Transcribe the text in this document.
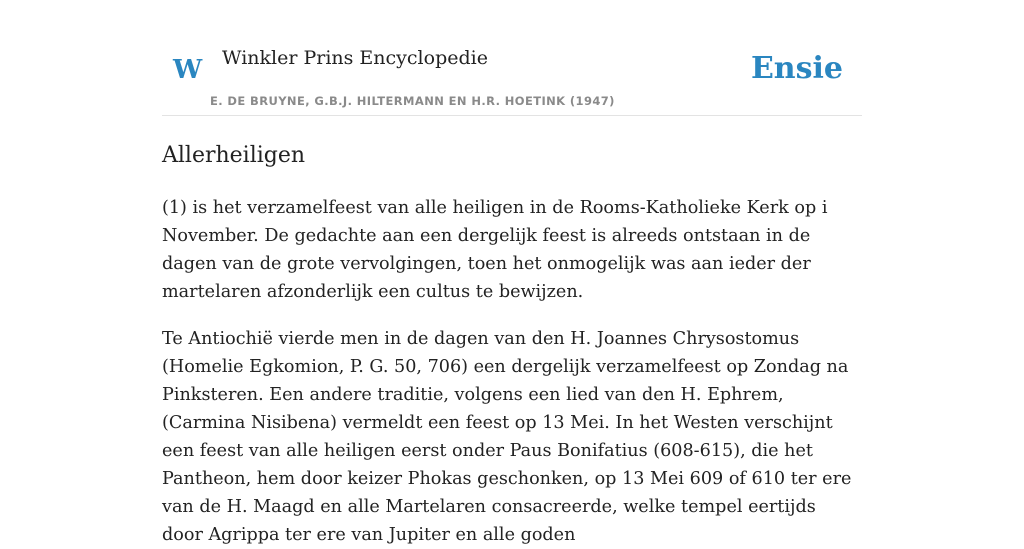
W Winkler Prins Encyclopedie
E. DE BRUYNE, G.B.J. HILTERMANN EN H.R. HOETINK (1947)
Ensie
Allerheiligen

(1) is het verzamelfeest van alle heiligen in de Rooms-Katholieke Kerk op i November. De gedachte aan een dergelijk feest is alreeds ontstaan in de dagen van de grote vervolgingen, toen het onmogelijk was aan ieder der martelaren afzonderlijk een cultus te bewijzen.

Te Antiochië vierde men in de dagen van den H. Joannes Chrysostomus (Homelie Egkomion, P. G. 50, 706) een dergelijk verzamelfeest op Zondag na Pinksteren. Een andere traditie, volgens een lied van den H. Ephrem, (Carmina Nisibena) vermeldt een feest op 13 Mei. In het Westen verschijnt een feest van alle heiligen eerst onder Paus Bonifatius (608-615), die het Pantheon, hem door keizer Phokas geschonken, op 13 Mei 609 of 610 ter ere van de H. Maagd en alle Martelaren consacreerde, welke tempel eertijds door Agrippa ter ere van Jupiter en alle goden
